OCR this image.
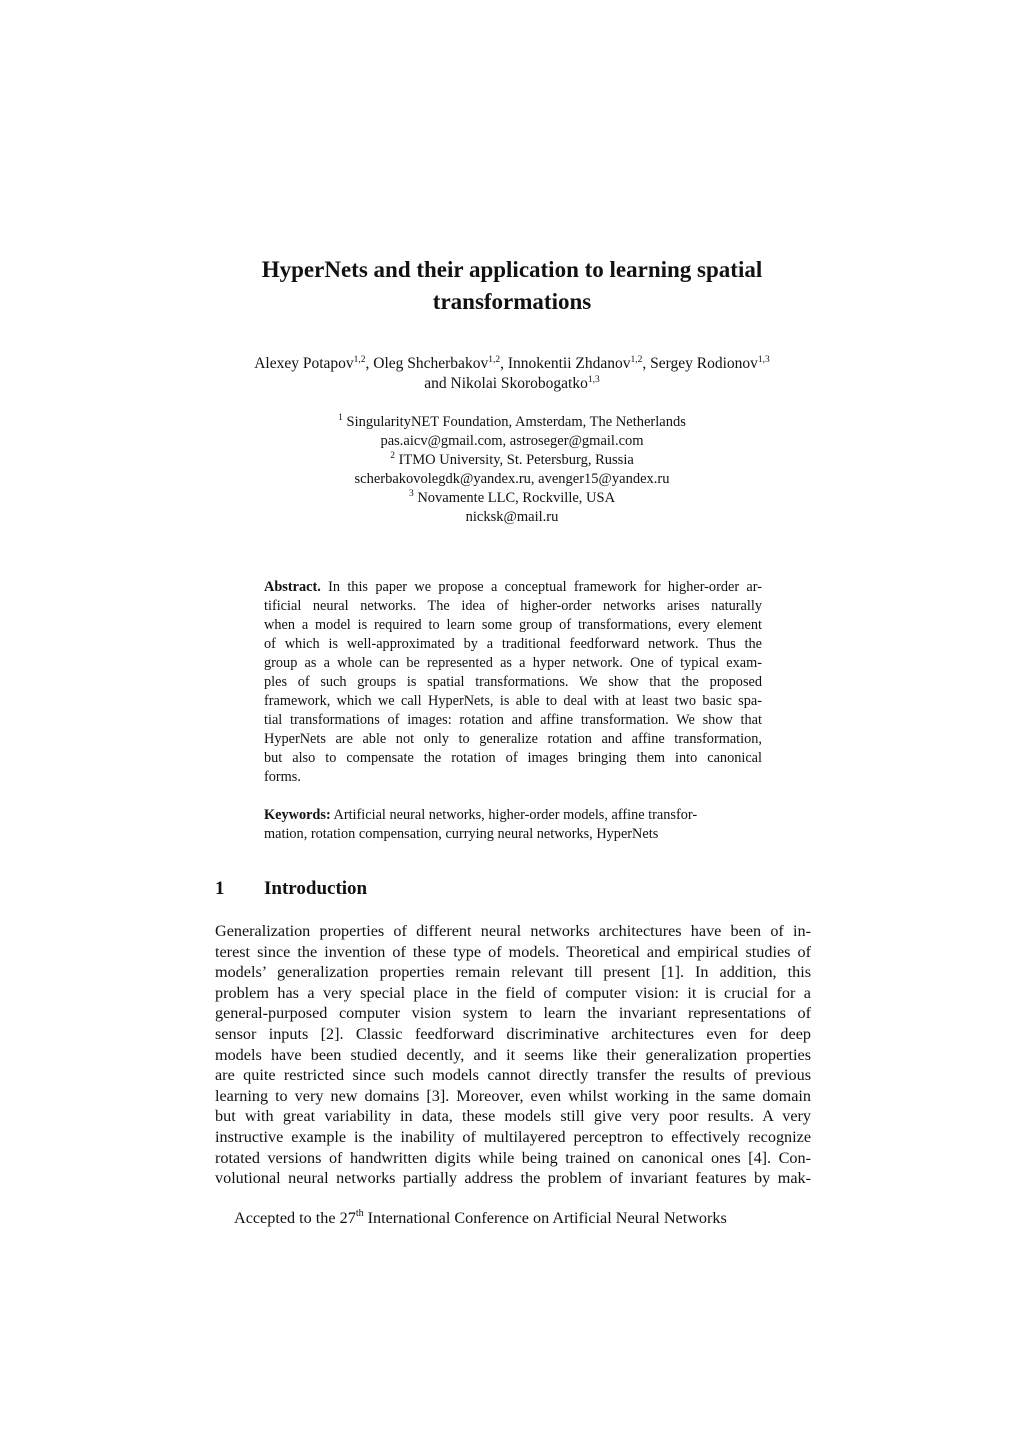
HyperNets and their application to learning spatial
transformations
Alexey Potapov$^{1,2}$, Oleg Shcherbakov$^{1,2}$, Innokentii Zhdanov$^{1,2}$, Sergey Rodionov$^{1,3}$
and Nikolai Skorobogatko$^{1,3}$
$^1$ SingularityNET Foundation, Amsterdam, The Netherlands
pas.aicv@gmail.com, astroseger@gmail.com
$^2$ ITMO University, St. Petersburg, Russia
scherbakovolegdk@yandex.ru, avenger15@yandex.ru
$^3$ Novamente LLC, Rockville, USA
nicksk@mail.ru
Abstract. In this paper we propose a conceptual framework for higher-order ar-
tificial neural networks. The idea of higher-order networks arises naturally
when a model is required to learn some group of transformations, every element
of which is well-approximated by a traditional feedforward network. Thus the
group as a whole can be represented as a hyper network. One of typical exam-
ples of such groups is spatial transformations. We show that the proposed
framework, which we call HyperNets, is able to deal with at least two basic spa-
tial transformations of images: rotation and affine transformation. We show that
HyperNets are able not only to generalize rotation and affine transformation,
but also to compensate the rotation of images bringing them into canonical
forms.
Keywords: Artificial neural networks, higher-order models, affine transfor-
mation, rotation compensation, currying neural networks, HyperNets
1 Introduction
Generalization properties of different neural networks architectures have been of in-
terest since the invention of these type of models. Theoretical and empirical studies of
models’ generalization properties remain relevant till present [1]. In addition, this
problem has a very special place in the field of computer vision: it is crucial for a
general-purposed computer vision system to learn the invariant representations of
sensor inputs [2]. Classic feedforward discriminative architectures even for deep
models have been studied decently, and it seems like their generalization properties
are quite restricted since such models cannot directly transfer the results of previous
learning to very new domains [3]. Moreover, even whilst working in the same domain
but with great variability in data, these models still give very poor results. A very
instructive example is the inability of multilayered perceptron to effectively recognize
rotated versions of handwritten digits while being trained on canonical ones [4]. Con-
volutional neural networks partially address the problem of invariant features by mak-
Accepted to the 27th International Conference on Artificial Neural Networks
